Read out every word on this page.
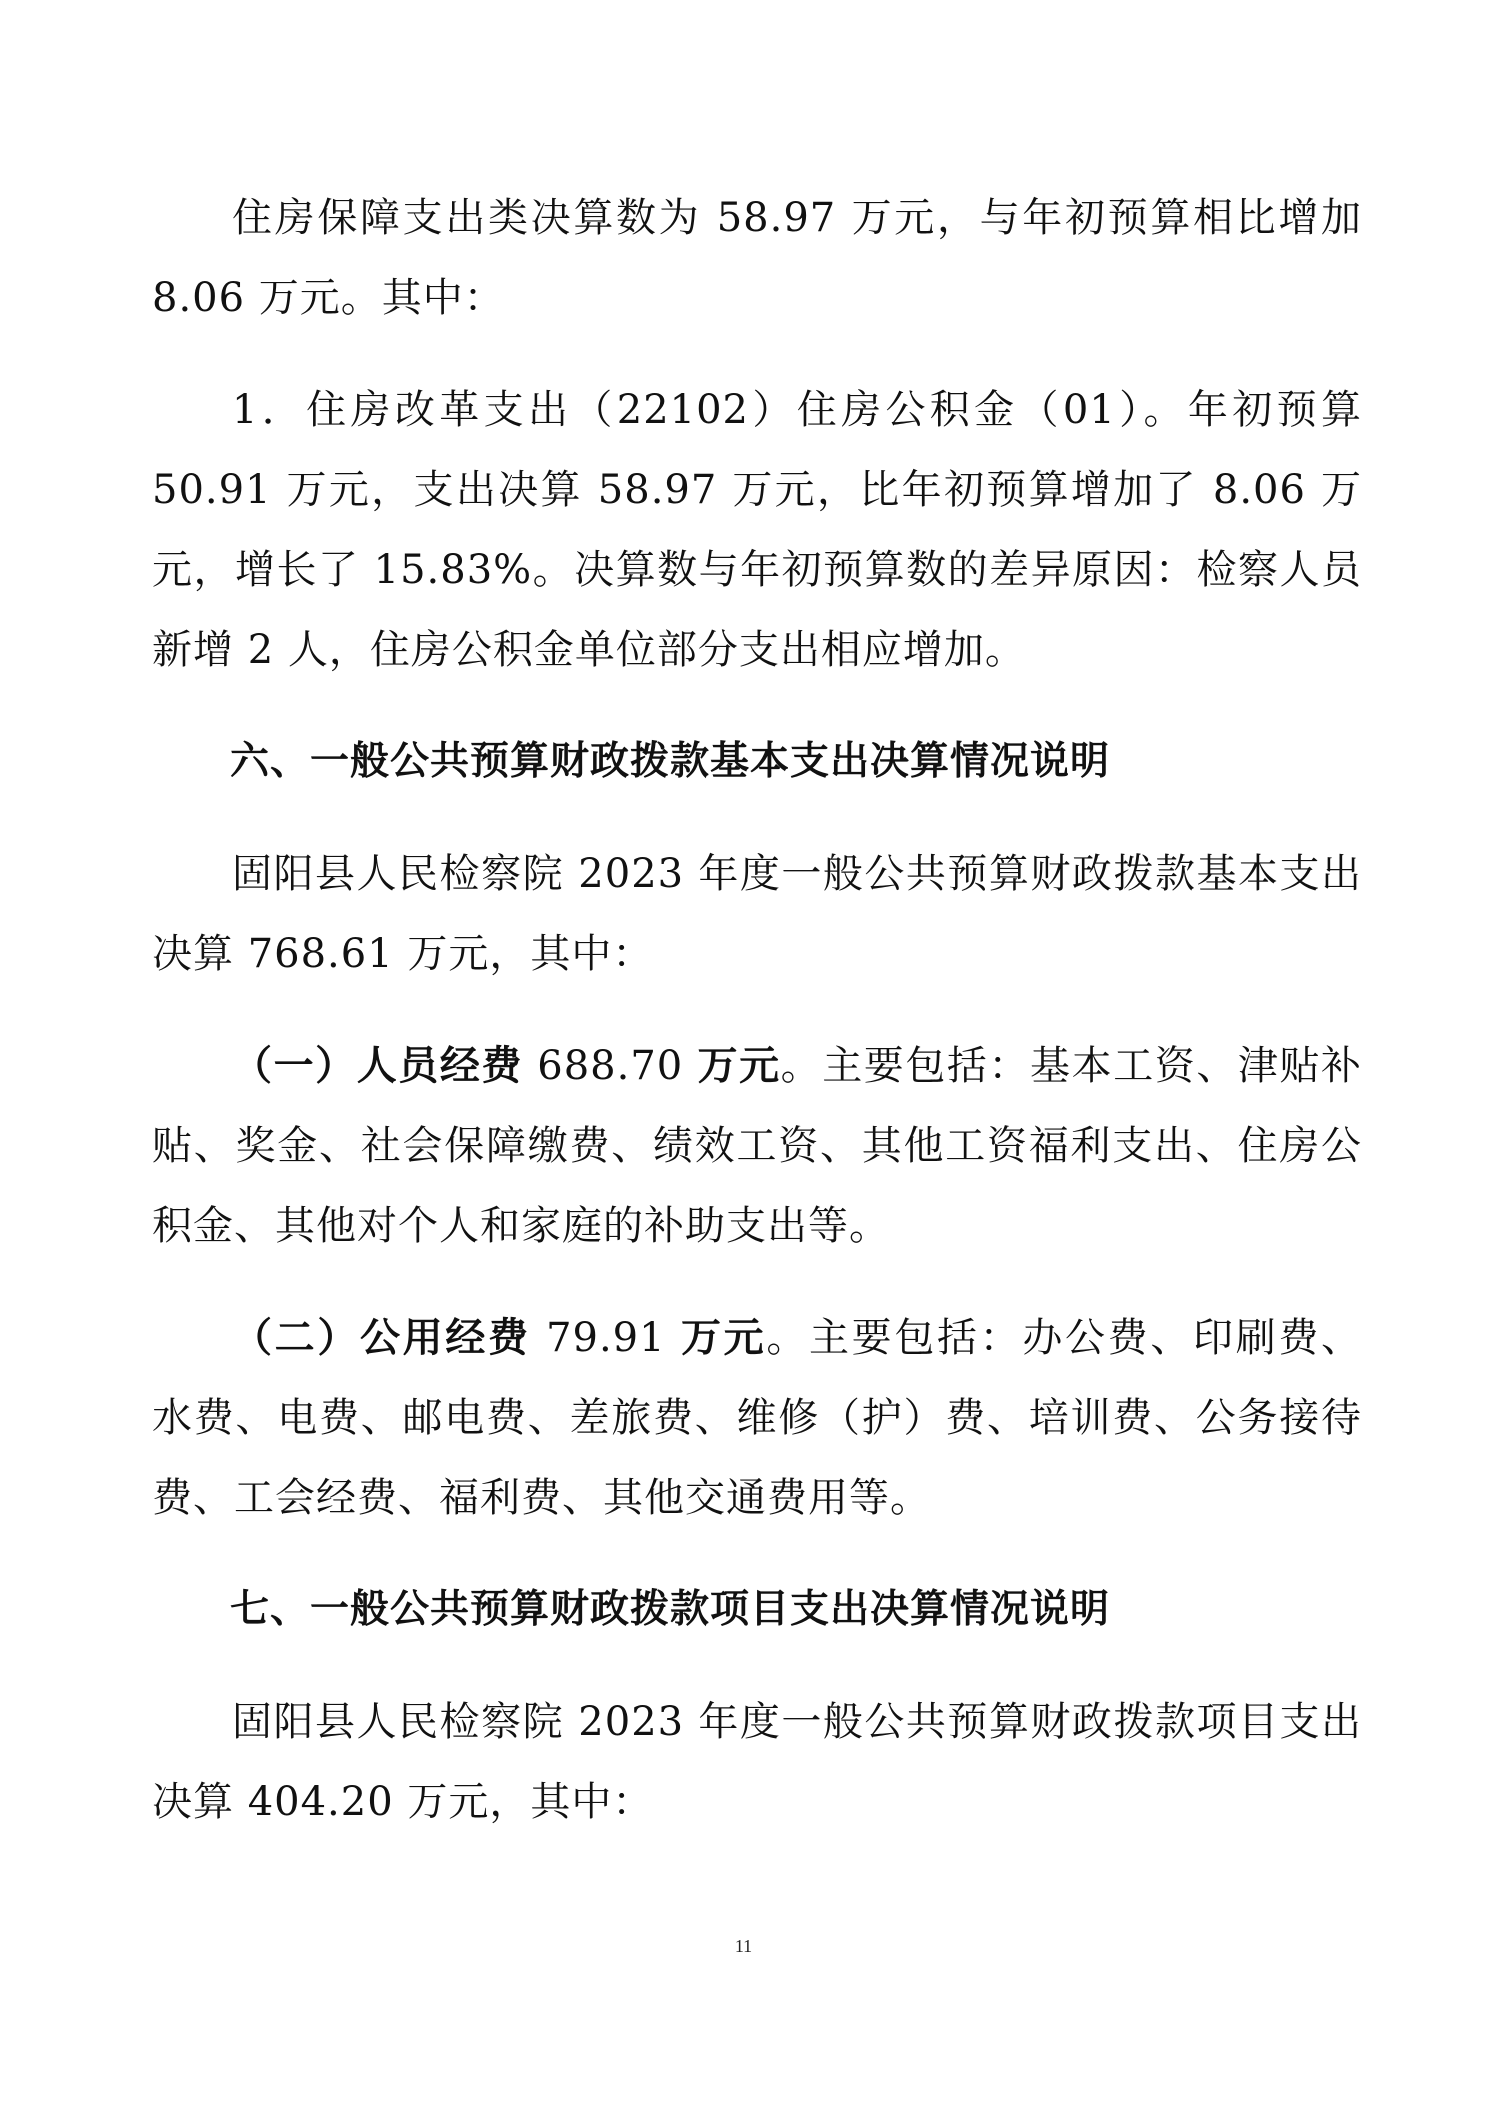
住房保障支出类决算数为 58.97 万元，与年初预算相比增加 8.06 万元。其中：

1．住房改革支出（22102）住房公积金（01）。年初预算 50.91 万元，支出决算 58.97 万元，比年初预算增加了 8.06 万元，增长了 15.83%。决算数与年初预算数的差异原因：检察人员新增 2 人，住房公积金单位部分支出相应增加。

六、一般公共预算财政拨款基本支出决算情况说明

固阳县人民检察院 2023 年度一般公共预算财政拨款基本支出决算 768.61 万元，其中：

（一）人员经费 688.70 万元。主要包括：基本工资、津贴补贴、奖金、社会保障缴费、绩效工资、其他工资福利支出、住房公积金、其他对个人和家庭的补助支出等。

（二）公用经费 79.91 万元。主要包括：办公费、印刷费、水费、电费、邮电费、差旅费、维修（护）费、培训费、公务接待费、工会经费、福利费、其他交通费用等。

七、一般公共预算财政拨款项目支出决算情况说明

固阳县人民检察院 2023 年度一般公共预算财政拨款项目支出决算 404.20 万元，其中：

11
